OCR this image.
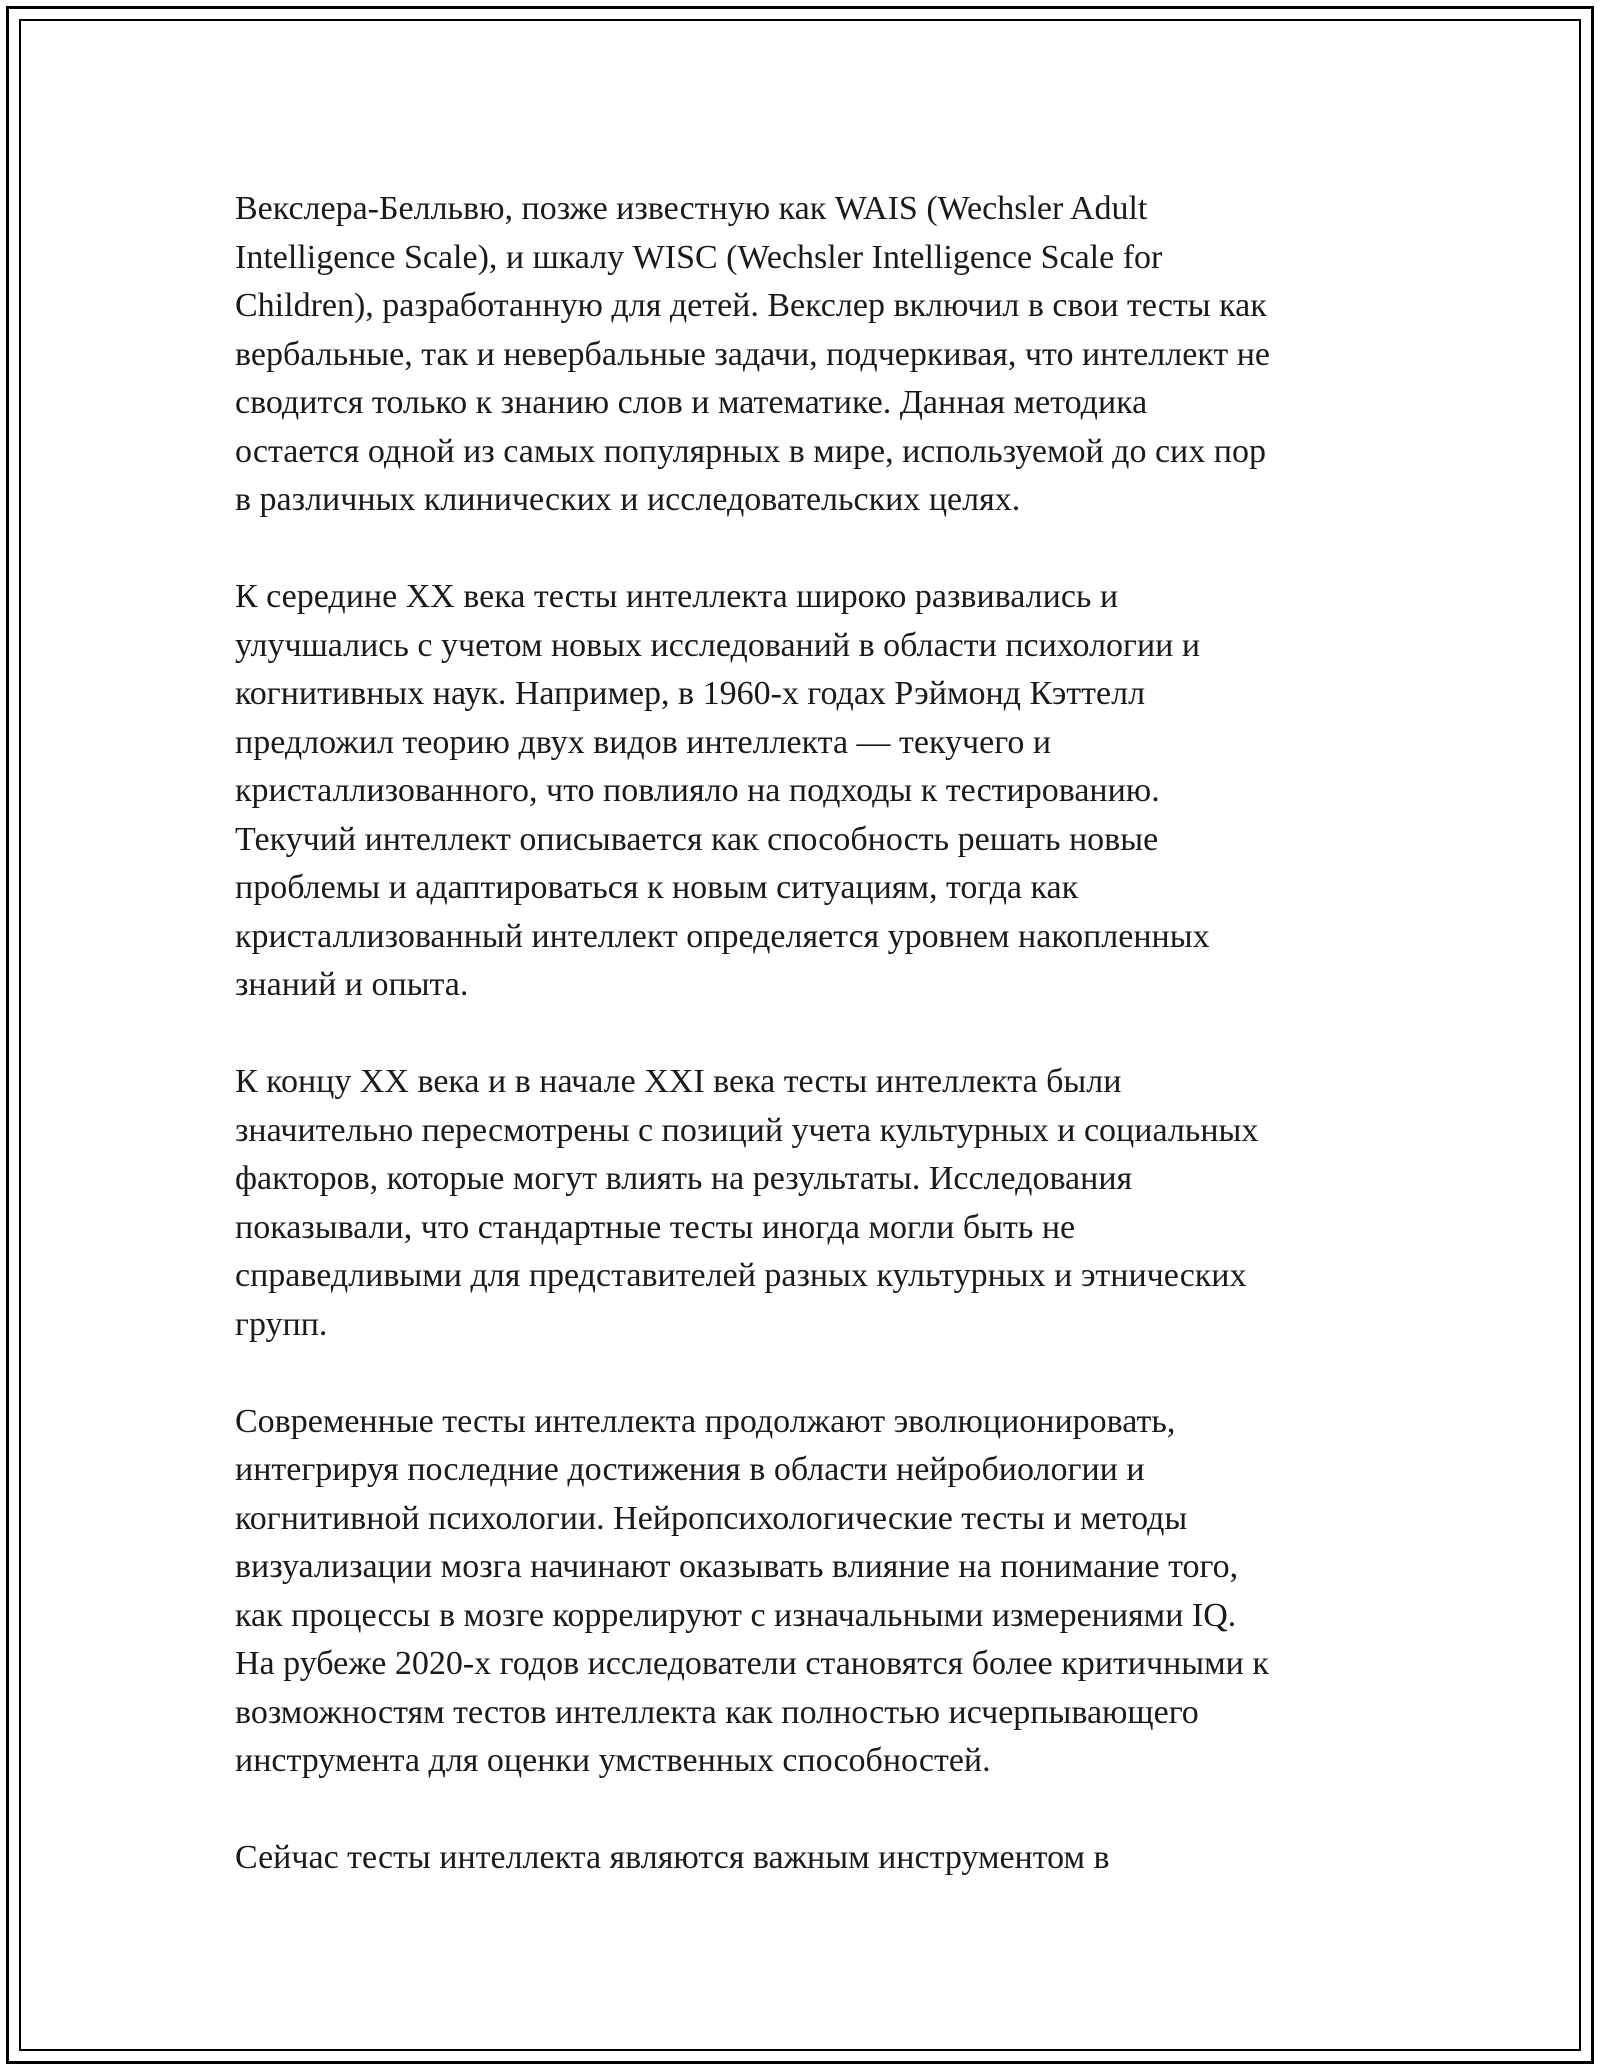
Векслера-Белльвю, позже известную как WAIS (Wechsler Adult
Intelligence Scale), и шкалу WISC (Wechsler Intelligence Scale for
Children), разработанную для детей. Векслер включил в свои тесты как
вербальные, так и невербальные задачи, подчеркивая, что интеллект не
сводится только к знанию слов и математике. Данная методика
остается одной из самых популярных в мире, используемой до сих пор
в различных клинических и исследовательских целях.

К середине XX века тесты интеллекта широко развивались и
улучшались с учетом новых исследований в области психологии и
когнитивных наук. Например, в 1960-х годах Рэймонд Кэттелл
предложил теорию двух видов интеллекта — текучего и
кристаллизованного, что повлияло на подходы к тестированию.
Текучий интеллект описывается как способность решать новые
проблемы и адаптироваться к новым ситуациям, тогда как
кристаллизованный интеллект определяется уровнем накопленных
знаний и опыта.

К концу XX века и в начале XXI века тесты интеллекта были
значительно пересмотрены с позиций учета культурных и социальных
факторов, которые могут влиять на результаты. Исследования
показывали, что стандартные тесты иногда могли быть не
справедливыми для представителей разных культурных и этнических
групп.

Современные тесты интеллекта продолжают эволюционировать,
интегрируя последние достижения в области нейробиологии и
когнитивной психологии. Нейропсихологические тесты и методы
визуализации мозга начинают оказывать влияние на понимание того,
как процессы в мозге коррелируют с изначальными измерениями IQ.
На рубеже 2020-х годов исследователи становятся более критичными к
возможностям тестов интеллекта как полностью исчерпывающего
инструмента для оценки умственных способностей.

Сейчас тесты интеллекта являются важным инструментом в
